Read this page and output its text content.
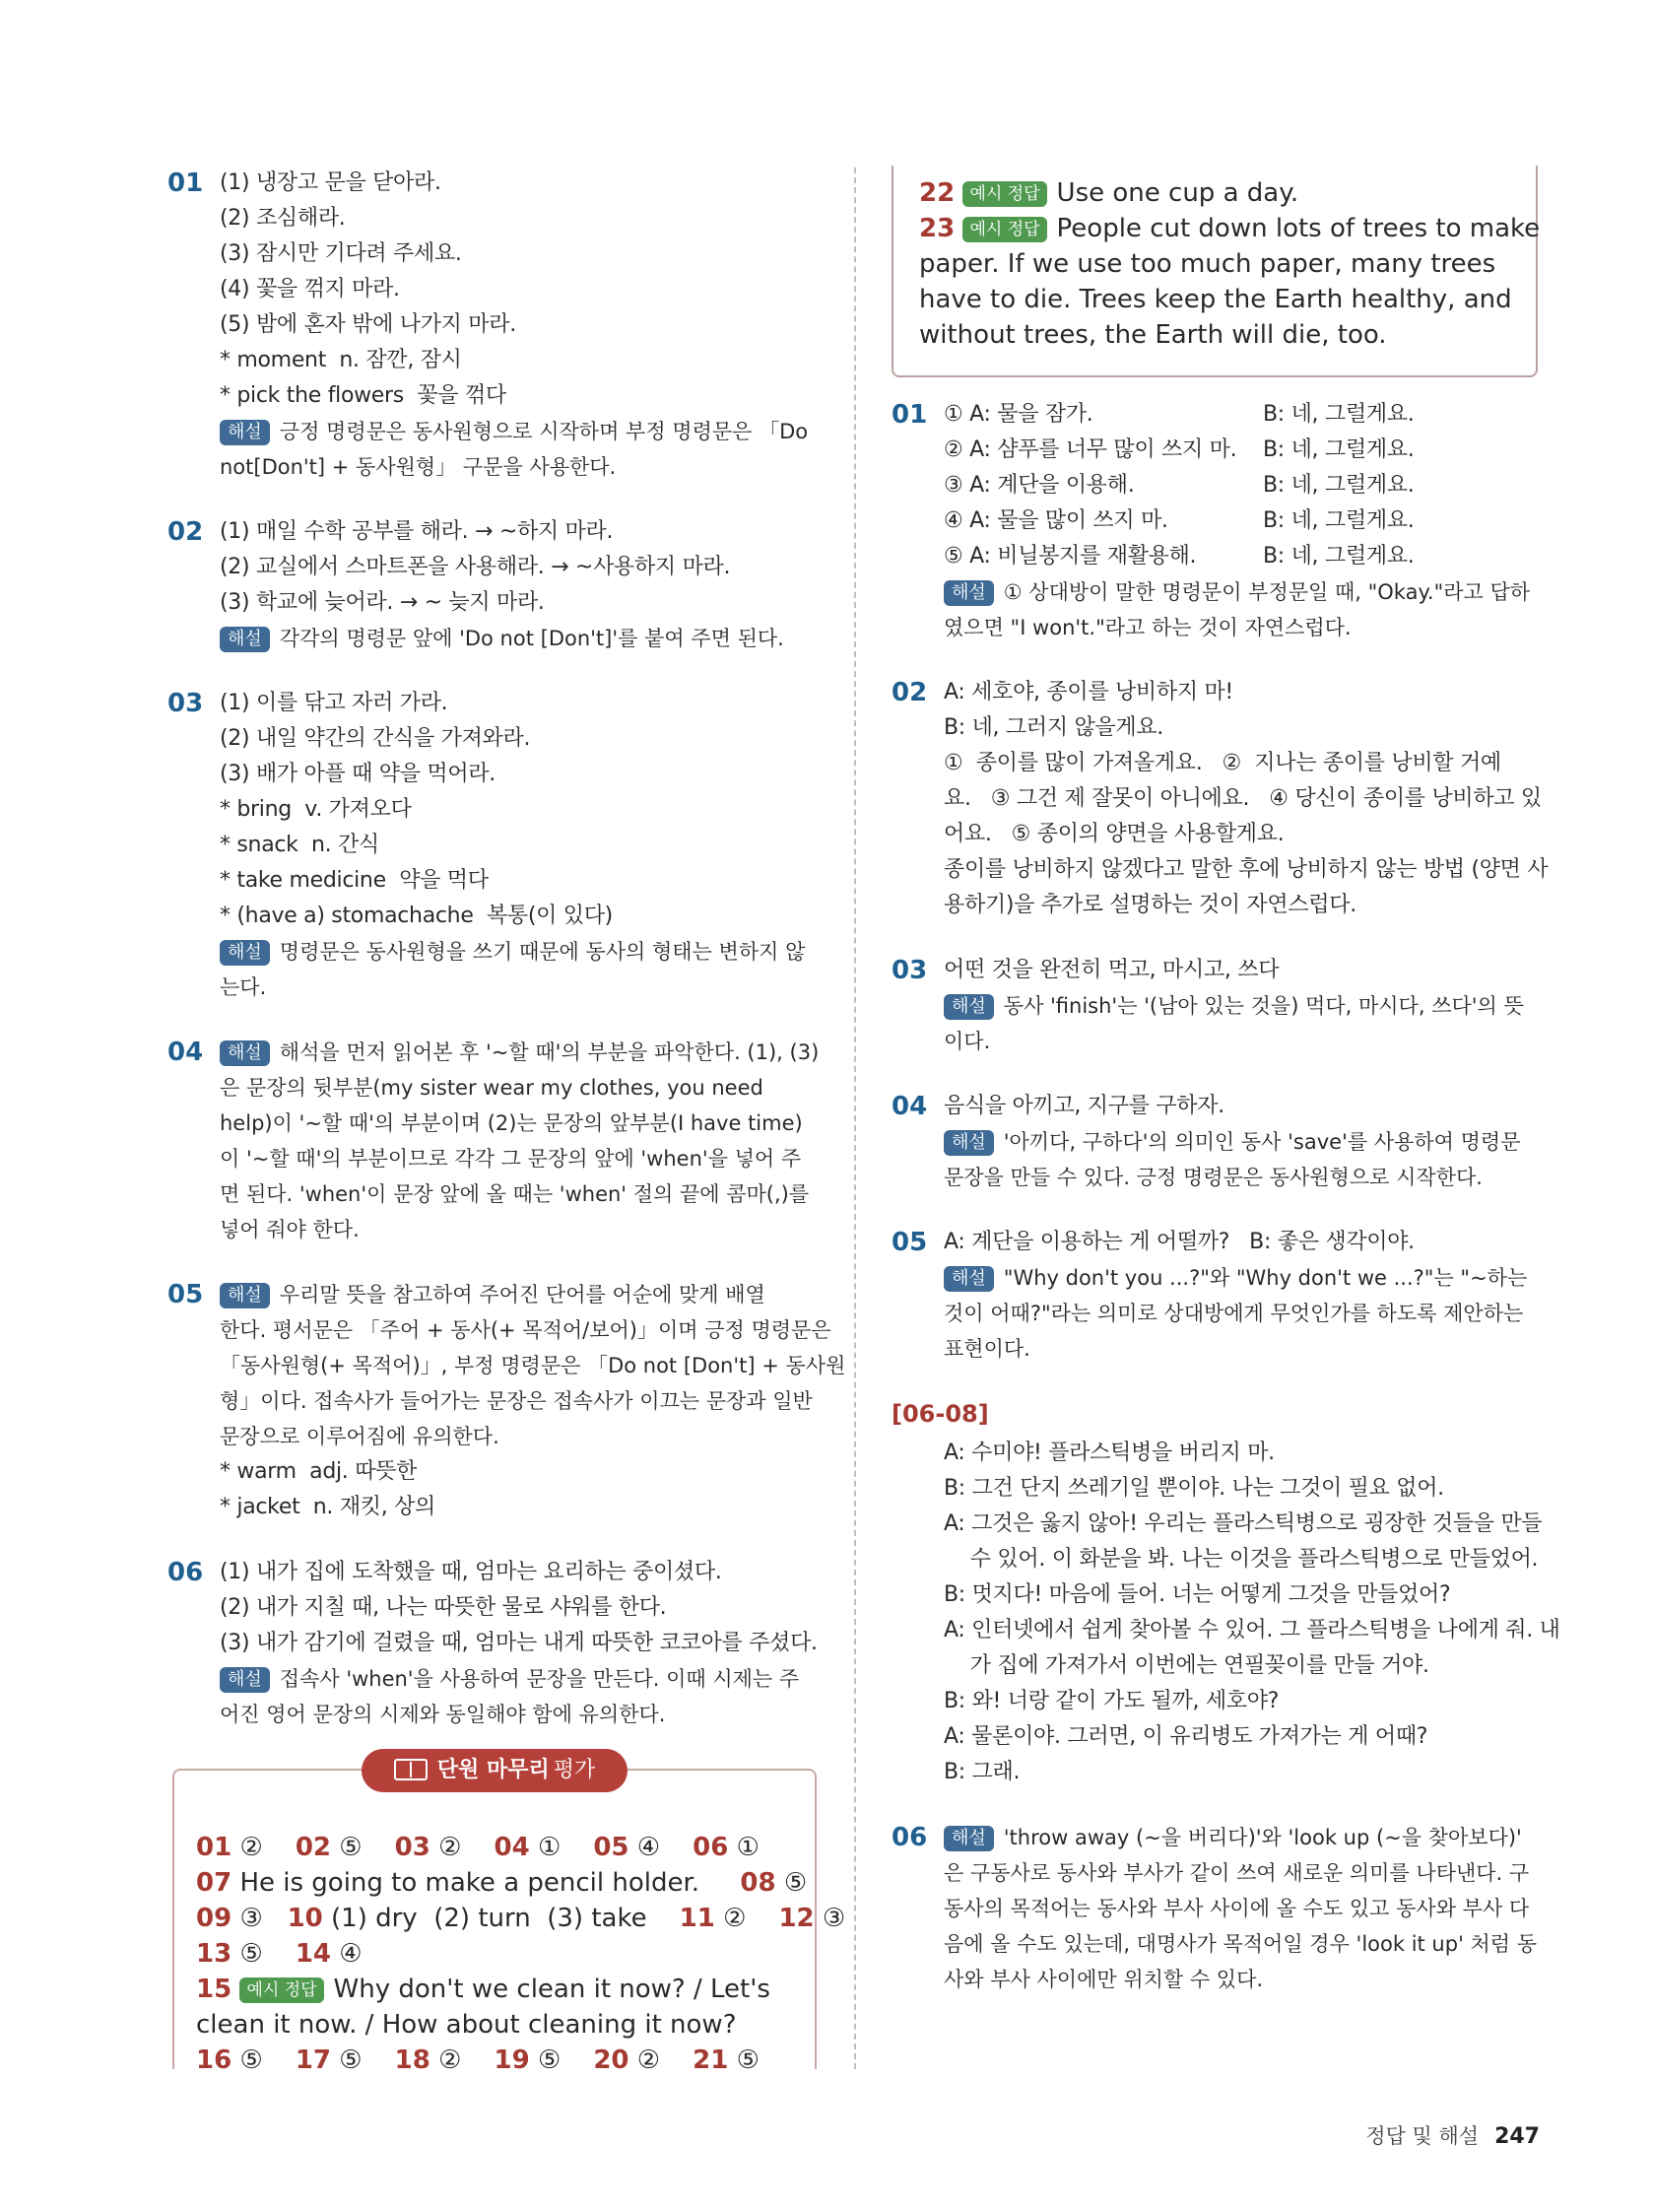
01 (1) 냉장고 문을 닫아라.
(2) 조심해라.
(3) 잠시만 기다려 주세요.
(4) 꽃을 꺾지 마라.
(5) 밤에 혼자 밖에 나가지 마라.
* moment  n. 잠깐, 잠시
* pick the flowers  꽃을 꺾다
해설 긍정 명령문은 동사원형으로 시작하며 부정 명령문은 「Do
not[Don't] + 동사원형」 구문을 사용한다.
02 (1) 매일 수학 공부를 해라. → ~하지 마라.
(2) 교실에서 스마트폰을 사용해라. → ~사용하지 마라.
(3) 학교에 늦어라. → ~ 늦지 마라.
해설 각각의 명령문 앞에 'Do not [Don't]'를 붙여 주면 된다.
03 (1) 이를 닦고 자러 가라.
(2) 내일 약간의 간식을 가져와라.
(3) 배가 아플 때 약을 먹어라.
* bring  v. 가져오다
* snack  n. 간식
* take medicine  약을 먹다
* (have a) stomachache  복통(이 있다)
해설 명령문은 동사원형을 쓰기 때문에 동사의 형태는 변하지 않
는다.
04	해설 해석을 먼저 읽어본 후 '~할 때'의 부분을 파악한다. (1), (3)
은 문장의 뒷부분(my sister wear my clothes, you need
help)이 '~할 때'의 부분이며 (2)는 문장의 앞부분(I have time)
이 '~할 때'의 부분이므로 각각 그 문장의 앞에 'when'을 넣어 주
면 된다. 'when'이 문장 앞에 올 때는 'when' 절의 끝에 콤마(,)를
넣어 줘야 한다.
05	해설 우리말 뜻을 참고하여 주어진 단어를 어순에 맞게 배열
한다. 평서문은 「주어 + 동사(+ 목적어/보어)」이며 긍정 명령문은
「동사원형(+ 목적어)」, 부정 명령문은 「Do not [Don't] + 동사원
형」이다. 접속사가 들어가는 문장은 접속사가 이끄는 문장과 일반
문장으로 이루어짐에 유의한다.
* warm  adj. 따뜻한
* jacket  n. 재킷, 상의
06 (1) 내가 집에 도착했을 때, 엄마는 요리하는 중이셨다.
(2) 내가 지칠 때, 나는 따뜻한 물로 샤워를 한다.
(3) 내가 감기에 걸렸을 때, 엄마는 내게 따뜻한 코코아를 주셨다.
해설 접속사 'when'을 사용하여 문장을 만든다. 이때 시제는 주
어진 영어 문장의 시제와 동일해야 함에 유의한다.
단원 마무리 평가
01 ② 02 ⑤ 03 ② 04 ① 05 ④ 06 ①
07 He is going to make a pencil holder. 08 ⑤
09 ③ 10 (1) dry  (2) turn  (3) take 11 ② 12 ③
13 ⑤ 14 ④
15 예시 정답 Why don't we clean it now? / Let's
clean it now. / How about cleaning it now?
16 ⑤ 17 ⑤ 18 ② 19 ⑤ 20 ② 21 ⑤
22 예시 정답 Use one cup a day.
23 예시 정답 People cut down lots of trees to make
paper. If we use too much paper, many trees
have to die. Trees keep the Earth healthy, and
without trees, the Earth will die, too.
01 ① A: 물을 잠가.	B: 네, 그럴게요.
② A: 샴푸를 너무 많이 쓰지 마.	B: 네, 그럴게요.
③ A: 계단을 이용해.	B: 네, 그럴게요.
④ A: 물을 많이 쓰지 마.	B: 네, 그럴게요.
⑤ A: 비닐봉지를 재활용해.	B: 네, 그럴게요.
해설 ① 상대방이 말한 명령문이 부정문일 때, "Okay."라고 답하
였으면 "I won't."라고 하는 것이 자연스럽다.
02 A: 세호야, 종이를 낭비하지 마!
B: 네, 그러지 않을게요.
①  종이를 많이 가져올게요.   ②  지나는 종이를 낭비할 거예
요.   ③ 그건 제 잘못이 아니에요.   ④ 당신이 종이를 낭비하고 있
어요.   ⑤ 종이의 양면을 사용할게요.
종이를 낭비하지 않겠다고 말한 후에 낭비하지 않는 방법 (양면 사
용하기)을 추가로 설명하는 것이 자연스럽다.
03 어떤 것을 완전히 먹고, 마시고, 쓰다
해설 동사 'finish'는 '(남아 있는 것을) 먹다, 마시다, 쓰다'의 뜻
이다.
04 음식을 아끼고, 지구를 구하자.
해설 '아끼다, 구하다'의 의미인 동사 'save'를 사용하여 명령문
문장을 만들 수 있다. 긍정 명령문은 동사원형으로 시작한다.
05 A: 계단을 이용하는 게 어떨까?   B: 좋은 생각이야.
해설 "Why don't you ...?"와 "Why don't we ...?"는 "~하는
것이 어때?"라는 의미로 상대방에게 무엇인가를 하도록 제안하는
표현이다.
[06-08]
A: 수미야! 플라스틱병을 버리지 마.
B: 그건 단지 쓰레기일 뿐이야. 나는 그것이 필요 없어.
A: 그것은 옳지 않아! 우리는 플라스틱병으로 굉장한 것들을 만들
수 있어. 이 화분을 봐. 나는 이것을 플라스틱병으로 만들었어.
B: 멋지다! 마음에 들어. 너는 어떻게 그것을 만들었어?
A: 인터넷에서 쉽게 찾아볼 수 있어. 그 플라스틱병을 나에게 줘. 내
가 집에 가져가서 이번에는 연필꽂이를 만들 거야.
B: 와! 너랑 같이 가도 될까, 세호야?
A: 물론이야. 그러면, 이 유리병도 가져가는 게 어때?
B: 그래.
06	해설 'throw away (~을 버리다)'와 'look up (~을 찾아보다)'
은 구동사로 동사와 부사가 같이 쓰여 새로운 의미를 나타낸다. 구
동사의 목적어는 동사와 부사 사이에 올 수도 있고 동사와 부사 다
음에 올 수도 있는데, 대명사가 목적어일 경우 'look it up' 처럼 동
사와 부사 사이에만 위치할 수 있다.
정답 및 해설 247
